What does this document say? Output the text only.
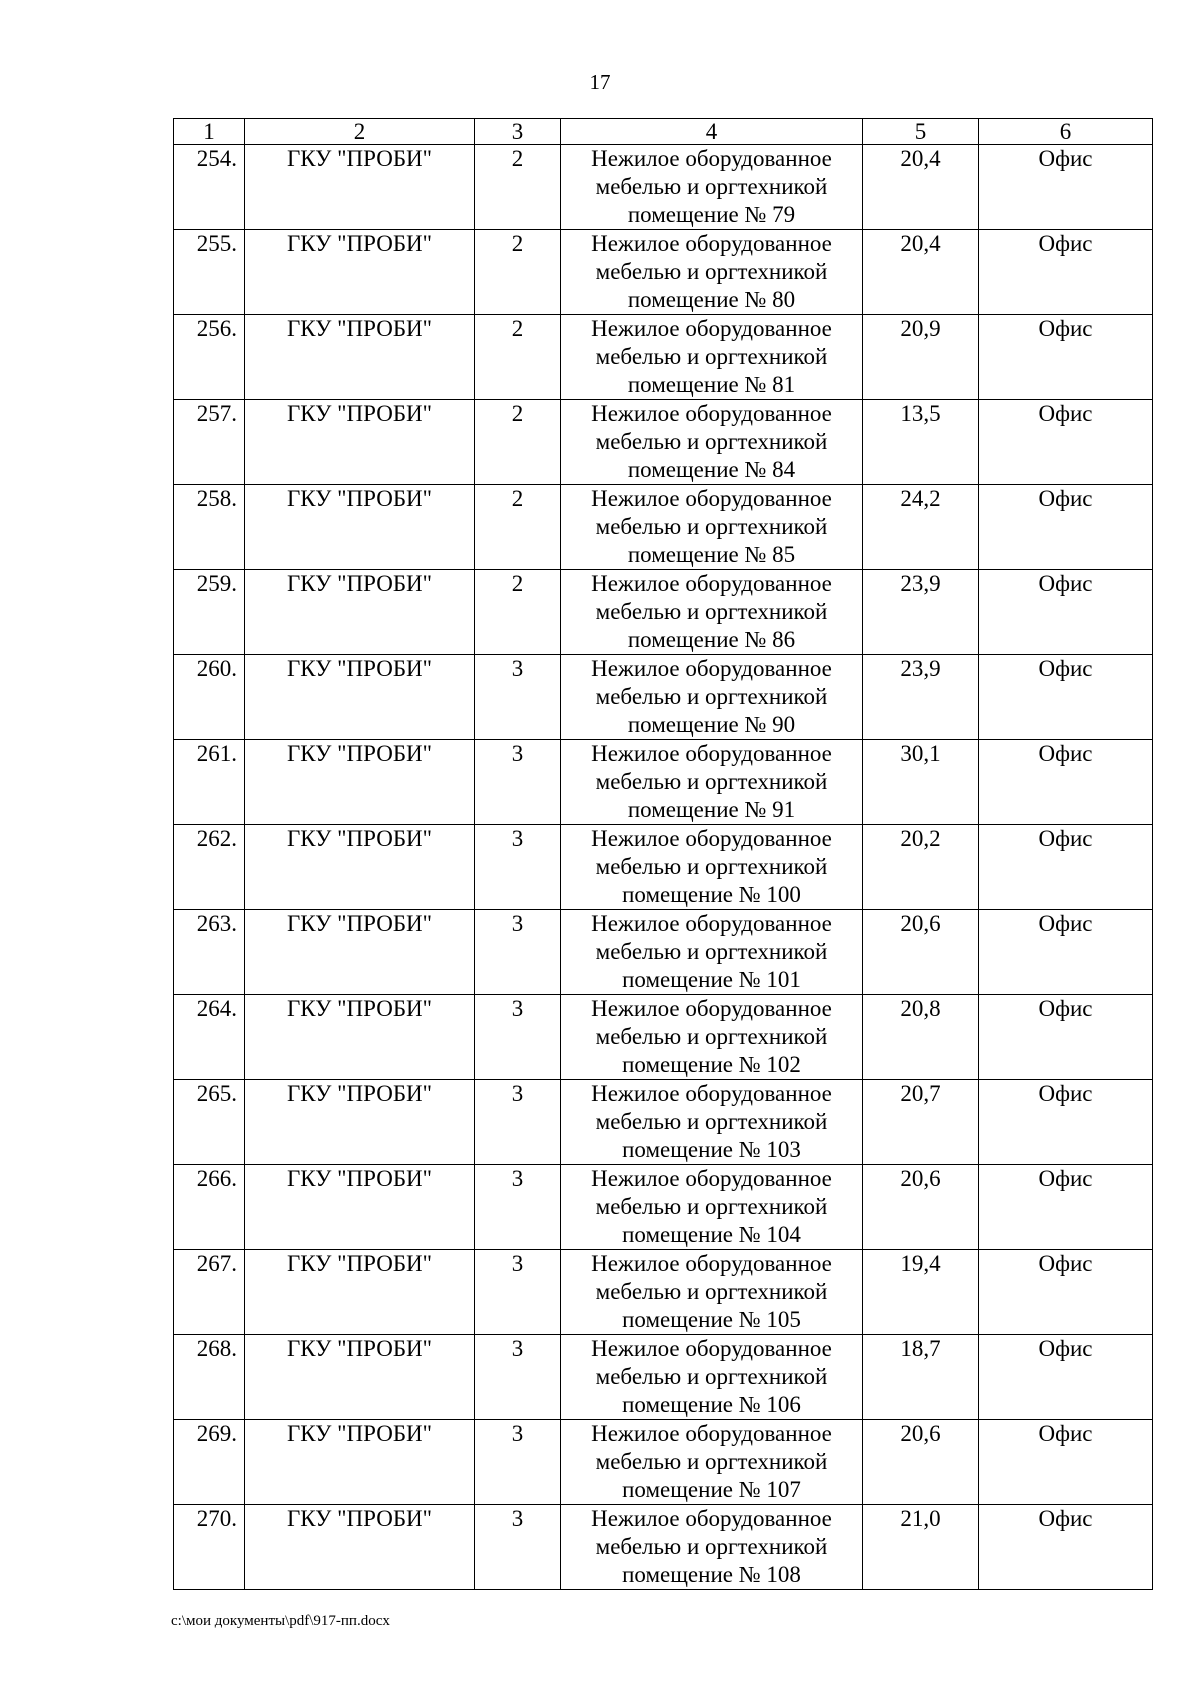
17
1	2	3	4	5	6
254.	ГКУ "ПРОБИ"	2	Нежилое оборудованное
мебелью и оргтехникой
помещение № 79	20,4	Офис
255.	ГКУ "ПРОБИ"	2	Нежилое оборудованное
мебелью и оргтехникой
помещение № 80	20,4	Офис
256.	ГКУ "ПРОБИ"	2	Нежилое оборудованное
мебелью и оргтехникой
помещение № 81	20,9	Офис
257.	ГКУ "ПРОБИ"	2	Нежилое оборудованное
мебелью и оргтехникой
помещение № 84	13,5	Офис
258.	ГКУ "ПРОБИ"	2	Нежилое оборудованное
мебелью и оргтехникой
помещение № 85	24,2	Офис
259.	ГКУ "ПРОБИ"	2	Нежилое оборудованное
мебелью и оргтехникой
помещение № 86	23,9	Офис
260.	ГКУ "ПРОБИ"	3	Нежилое оборудованное
мебелью и оргтехникой
помещение № 90	23,9	Офис
261.	ГКУ "ПРОБИ"	3	Нежилое оборудованное
мебелью и оргтехникой
помещение № 91	30,1	Офис
262.	ГКУ "ПРОБИ"	3	Нежилое оборудованное
мебелью и оргтехникой
помещение № 100	20,2	Офис
263.	ГКУ "ПРОБИ"	3	Нежилое оборудованное
мебелью и оргтехникой
помещение № 101	20,6	Офис
264.	ГКУ "ПРОБИ"	3	Нежилое оборудованное
мебелью и оргтехникой
помещение № 102	20,8	Офис
265.	ГКУ "ПРОБИ"	3	Нежилое оборудованное
мебелью и оргтехникой
помещение № 103	20,7	Офис
266.	ГКУ "ПРОБИ"	3	Нежилое оборудованное
мебелью и оргтехникой
помещение № 104	20,6	Офис
267.	ГКУ "ПРОБИ"	3	Нежилое оборудованное
мебелью и оргтехникой
помещение № 105	19,4	Офис
268.	ГКУ "ПРОБИ"	3	Нежилое оборудованное
мебелью и оргтехникой
помещение № 106	18,7	Офис
269.	ГКУ "ПРОБИ"	3	Нежилое оборудованное
мебелью и оргтехникой
помещение № 107	20,6	Офис
270.	ГКУ "ПРОБИ"	3	Нежилое оборудованное
мебелью и оргтехникой
помещение № 108	21,0	Офис
c:\мои документы\pdf\917-пп.docx
